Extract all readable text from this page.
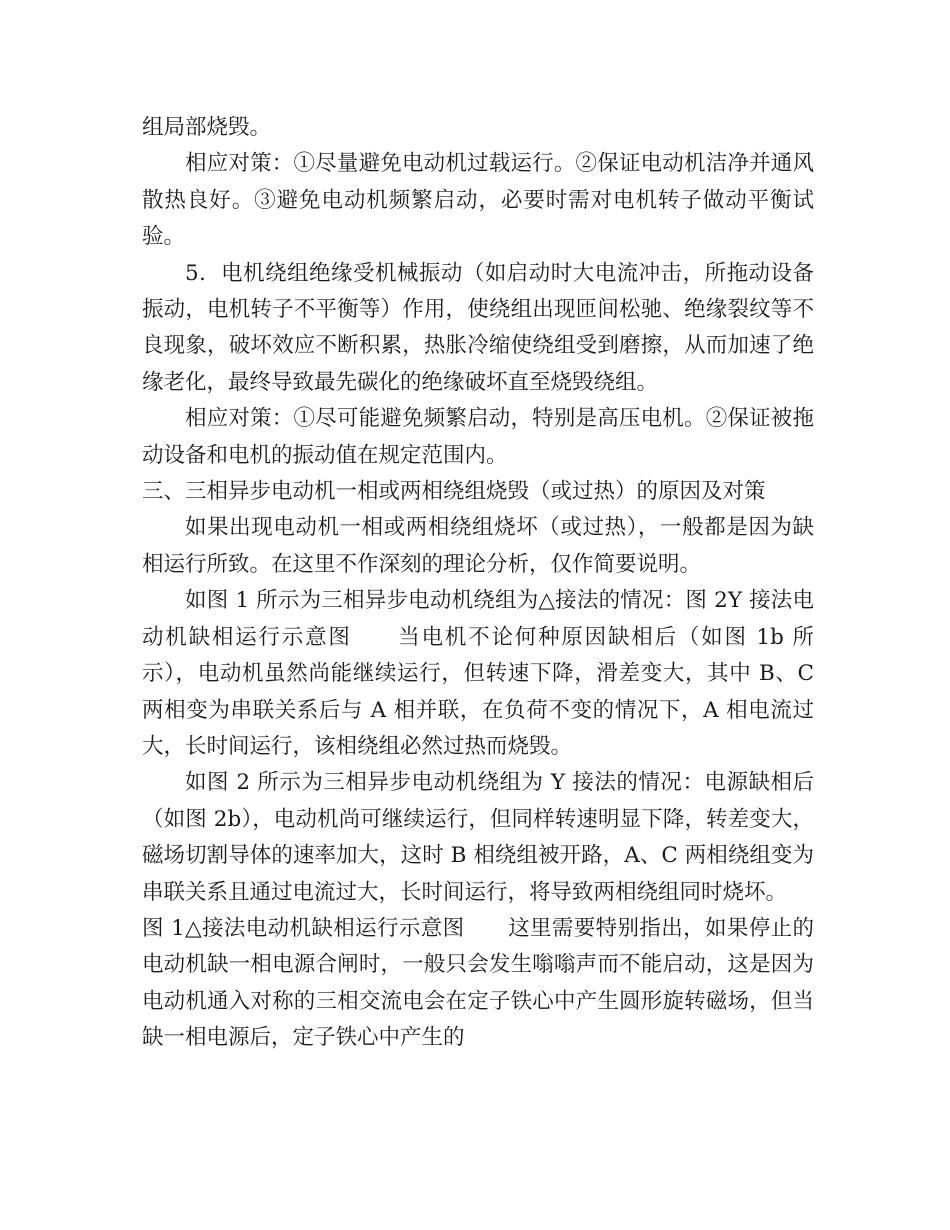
组局部烧毁。

相应对策：①尽量避免电动机过载运行。②保证电动机洁净并通风散热良好。③避免电动机频繁启动，必要时需对电机转子做动平衡试验。

5．电机绕组绝缘受机械振动（如启动时大电流冲击，所拖动设备振动，电机转子不平衡等）作用，使绕组出现匝间松驰、绝缘裂纹等不良现象，破坏效应不断积累，热胀冷缩使绕组受到磨擦，从而加速了绝缘老化，最终导致最先碳化的绝缘破坏直至烧毁绕组。

相应对策：①尽可能避免频繁启动，特别是高压电机。②保证被拖动设备和电机的振动值在规定范围内。

三、三相异步电动机一相或两相绕组烧毁（或过热）的原因及对策

如果出现电动机一相或两相绕组烧坏（或过热），一般都是因为缺相运行所致。在这里不作深刻的理论分析，仅作简要说明。

如图 1 所示为三相异步电动机绕组为△接法的情况：图 2Y 接法电动机缺相运行示意图　　当电机不论何种原因缺相后（如图 1b 所示），电动机虽然尚能继续运行，但转速下降，滑差变大，其中 B、C 两相变为串联关系后与 A 相并联，在负荷不变的情况下，A 相电流过大，长时间运行，该相绕组必然过热而烧毁。

如图 2 所示为三相异步电动机绕组为 Y 接法的情况：电源缺相后（如图 2b），电动机尚可继续运行，但同样转速明显下降，转差变大，磁场切割导体的速率加大，这时 B 相绕组被开路，A、C 两相绕组变为串联关系且通过电流过大，长时间运行，将导致两相绕组同时烧坏。

图 1△接法电动机缺相运行示意图　　这里需要特别指出，如果停止的电动机缺一相电源合闸时，一般只会发生嗡嗡声而不能启动，这是因为电动机通入对称的三相交流电会在定子铁心中产生圆形旋转磁场，但当缺一相电源后，定子铁心中产生的
